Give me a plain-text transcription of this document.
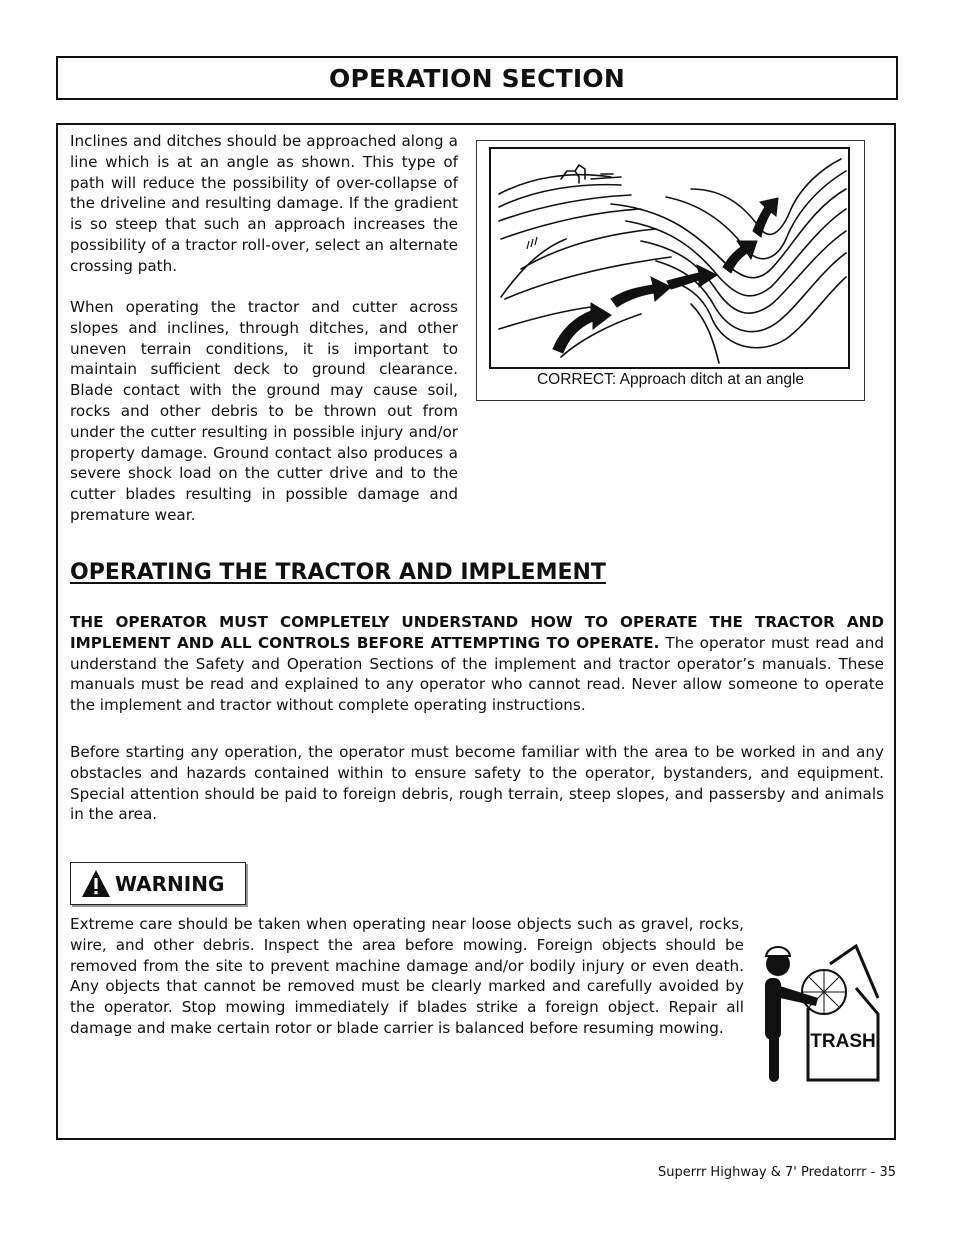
OPERATION SECTION

Inclines and ditches should be approached along a line which is at an angle as shown. This type of path will reduce the possibility of over-collapse of the driveline and resulting damage. If the gradient is so steep that such an approach increases the possibility of a tractor roll-over, select an alternate crossing path.

When operating the tractor and cutter across slopes and inclines, through ditches, and other uneven terrain conditions, it is important to maintain sufficient deck to ground clearance. Blade contact with the ground may cause soil, rocks and other debris to be thrown out from under the cutter resulting in possible injury and/or property damage. Ground contact also produces a severe shock load on the cutter drive and to the cutter blades resulting in possible damage and premature wear.

CORRECT: Approach ditch at an angle
OPERATING THE TRACTOR AND IMPLEMENT

THE OPERATOR MUST COMPLETELY UNDERSTAND HOW TO OPERATE THE TRACTOR AND IMPLEMENT AND ALL CONTROLS BEFORE ATTEMPTING TO OPERATE. The operator must read and understand the Safety and Operation Sections of the implement and tractor operator’s manuals. These manuals must be read and explained to any operator who cannot read. Never allow someone to operate the implement and tractor without complete operating instructions.

Before starting any operation, the operator must become familiar with the area to be worked in and any obstacles and hazards contained within to ensure safety to the operator, bystanders, and equipment. Special attention should be paid to foreign debris, rough terrain, steep slopes, and passersby and animals in the area.

WARNING

Extreme care should be taken when operating near loose objects such as gravel, rocks, wire, and other debris. Inspect the area before mowing. Foreign objects should be removed from the site to prevent machine damage and/or bodily injury or even death. Any objects that cannot be removed must be clearly marked and carefully avoided by the operator. Stop mowing immediately if blades strike a foreign object. Repair all damage and make certain rotor or blade carrier is balanced before resuming mowing.

TRASH
Superrr Highway & 7' Predatorrr - 35
